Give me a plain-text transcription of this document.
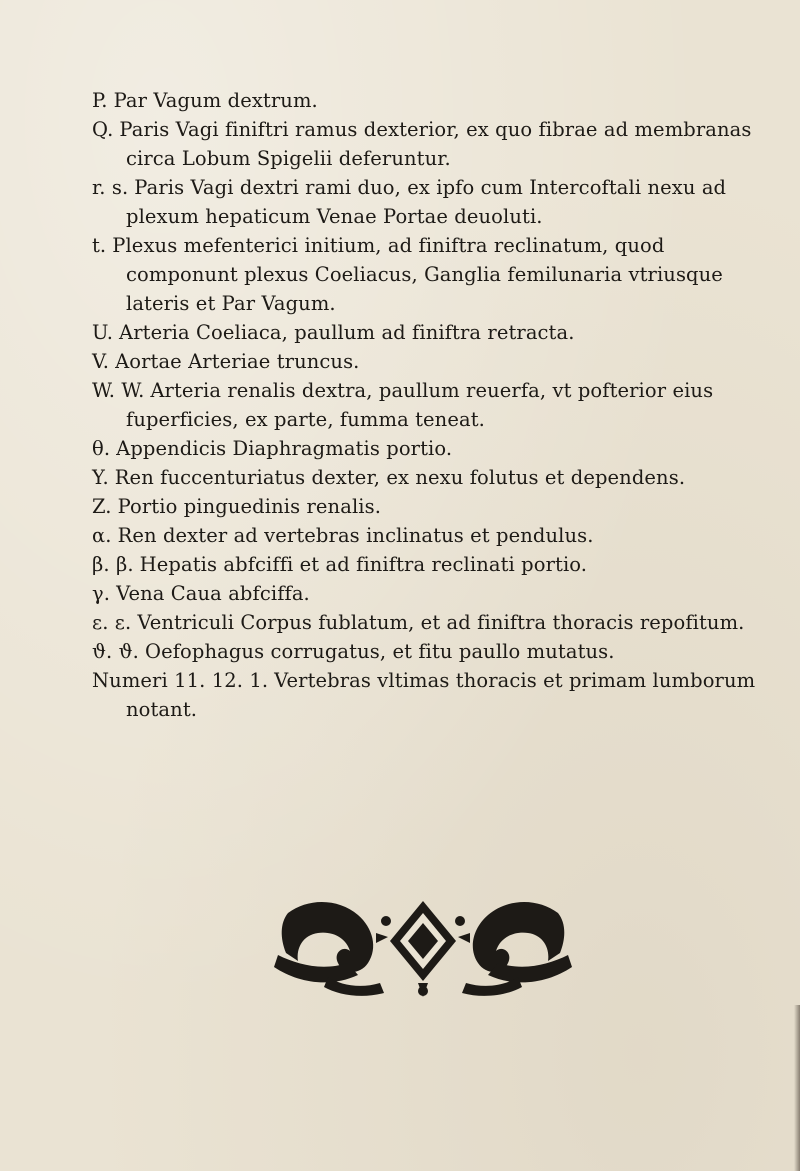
P. Par Vagum dextrum.
Q. Paris Vagi finiftri ramus dexterior, ex quo fibrae ad membranas circa Lobum Spigelii deferuntur.
r. s. Paris Vagi dextri rami duo, ex ipfo cum Intercoftali nexu ad plexum hepaticum Venae Portae deuoluti.
t. Plexus mefenterici initium, ad finiftra reclinatum, quod componunt plexus Coeliacus, Ganglia femilunaria vtriusque lateris et Par Vagum.
U. Arteria Coeliaca, paullum ad finiftra retracta.
V. Aortae Arteriae truncus.
W. W. Arteria renalis dextra, paullum reuerfa, vt pofterior eius fuperficies, ex parte, fumma teneat.
θ. Appendicis Diaphragmatis portio.
Y. Ren fuccenturiatus dexter, ex nexu folutus et dependens.
Z. Portio pinguedinis renalis.
α. Ren dexter ad vertebras inclinatus et pendulus.
β. β. Hepatis abfciffi et ad finiftra reclinati portio.
γ. Vena Caua abfciffa.
ε. ε. Ventriculi Corpus fublatum, et ad finiftra thoracis repofitum.
ϑ. ϑ. Oefophagus corrugatus, et fitu paullo mutatus.
Numeri 11. 12. 1. Vertebras vltimas thoracis et primam lumborum notant.
